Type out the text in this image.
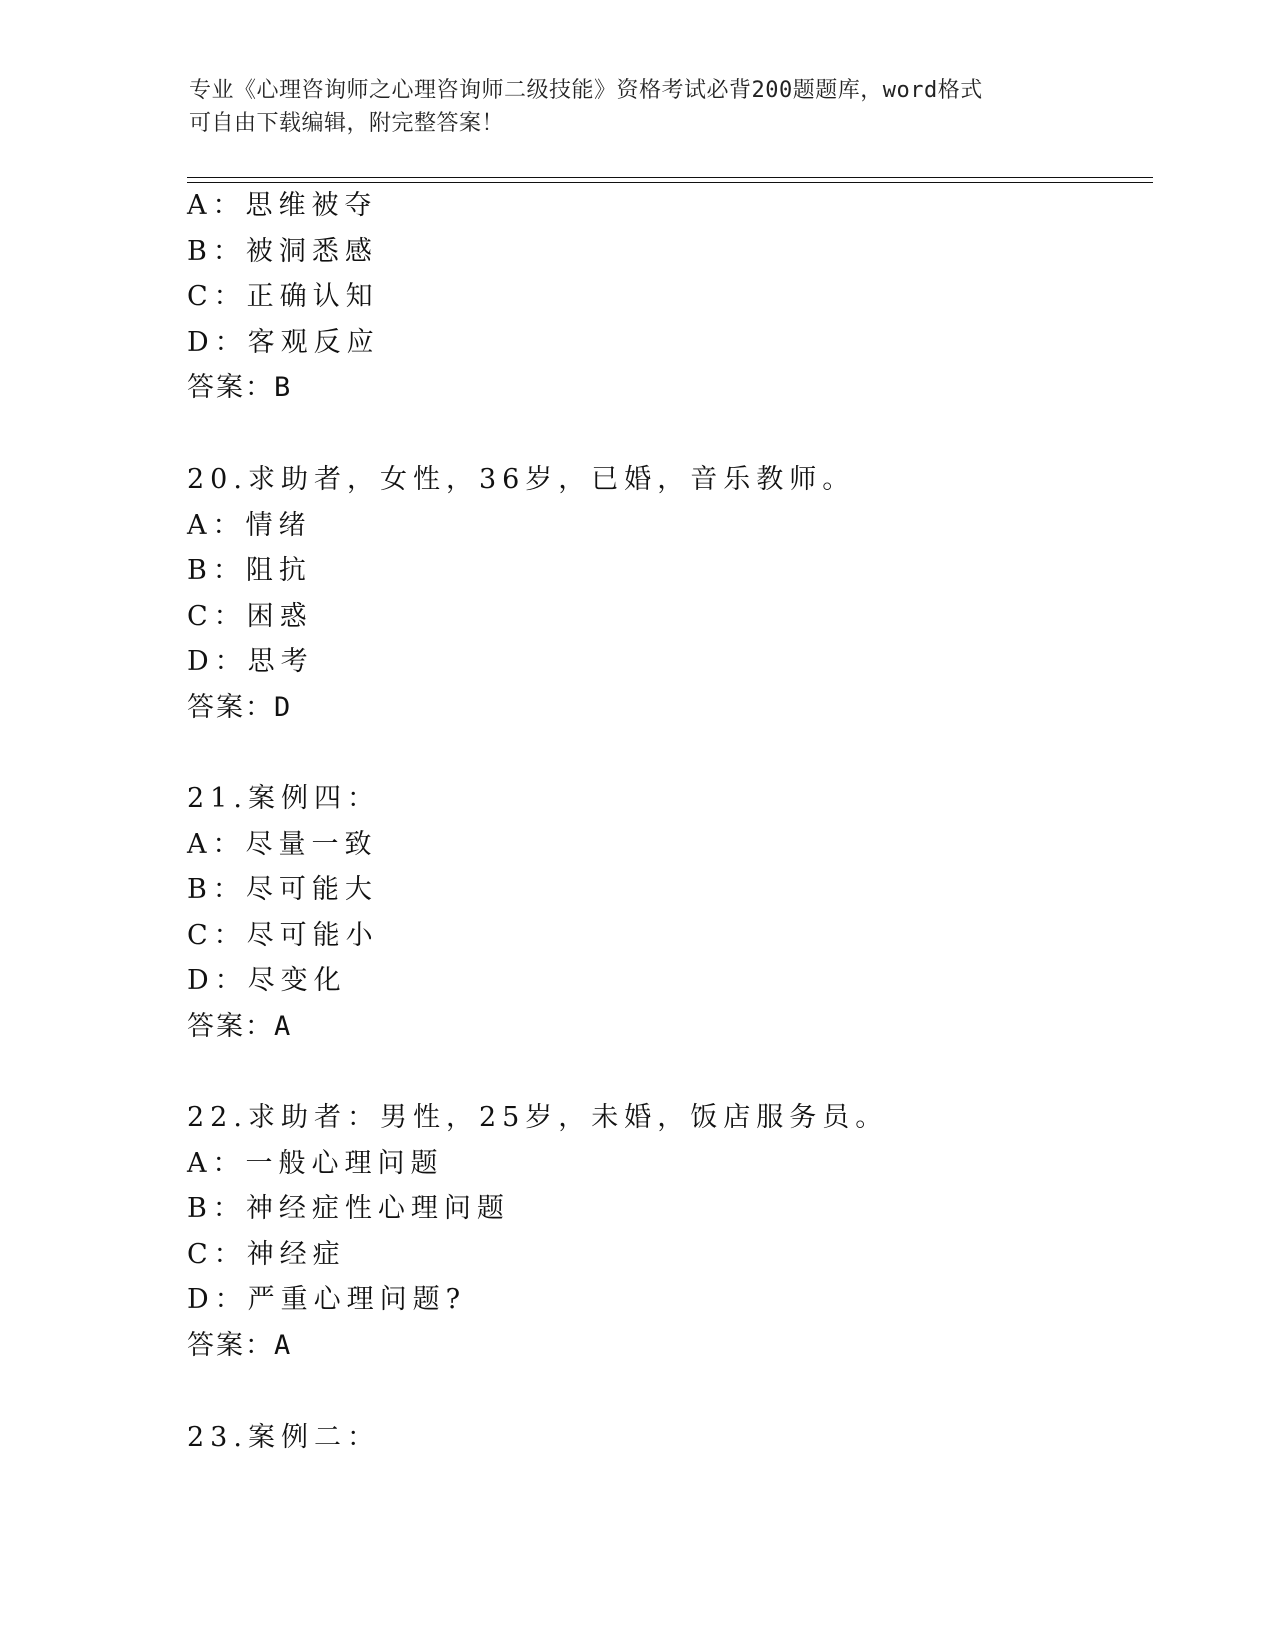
专业《心理咨询师之心理咨询师二级技能》资格考试必背200题题库，word格式
可自由下载编辑，附完整答案！
A：思维被夺
B：被洞悉感
C：正确认知
D：客观反应
答案：B
20.求助者，女性，36岁，已婚，音乐教师。
A：情绪
B：阻抗
C：困惑
D：思考
答案：D
21.案例四：
A：尽量一致
B：尽可能大
C：尽可能小
D：尽变化
答案：A
22.求助者：男性，25岁，未婚，饭店服务员。
A：一般心理问题
B：神经症性心理问题
C：神经症
D：严重心理问题?
答案：A
23.案例二：
